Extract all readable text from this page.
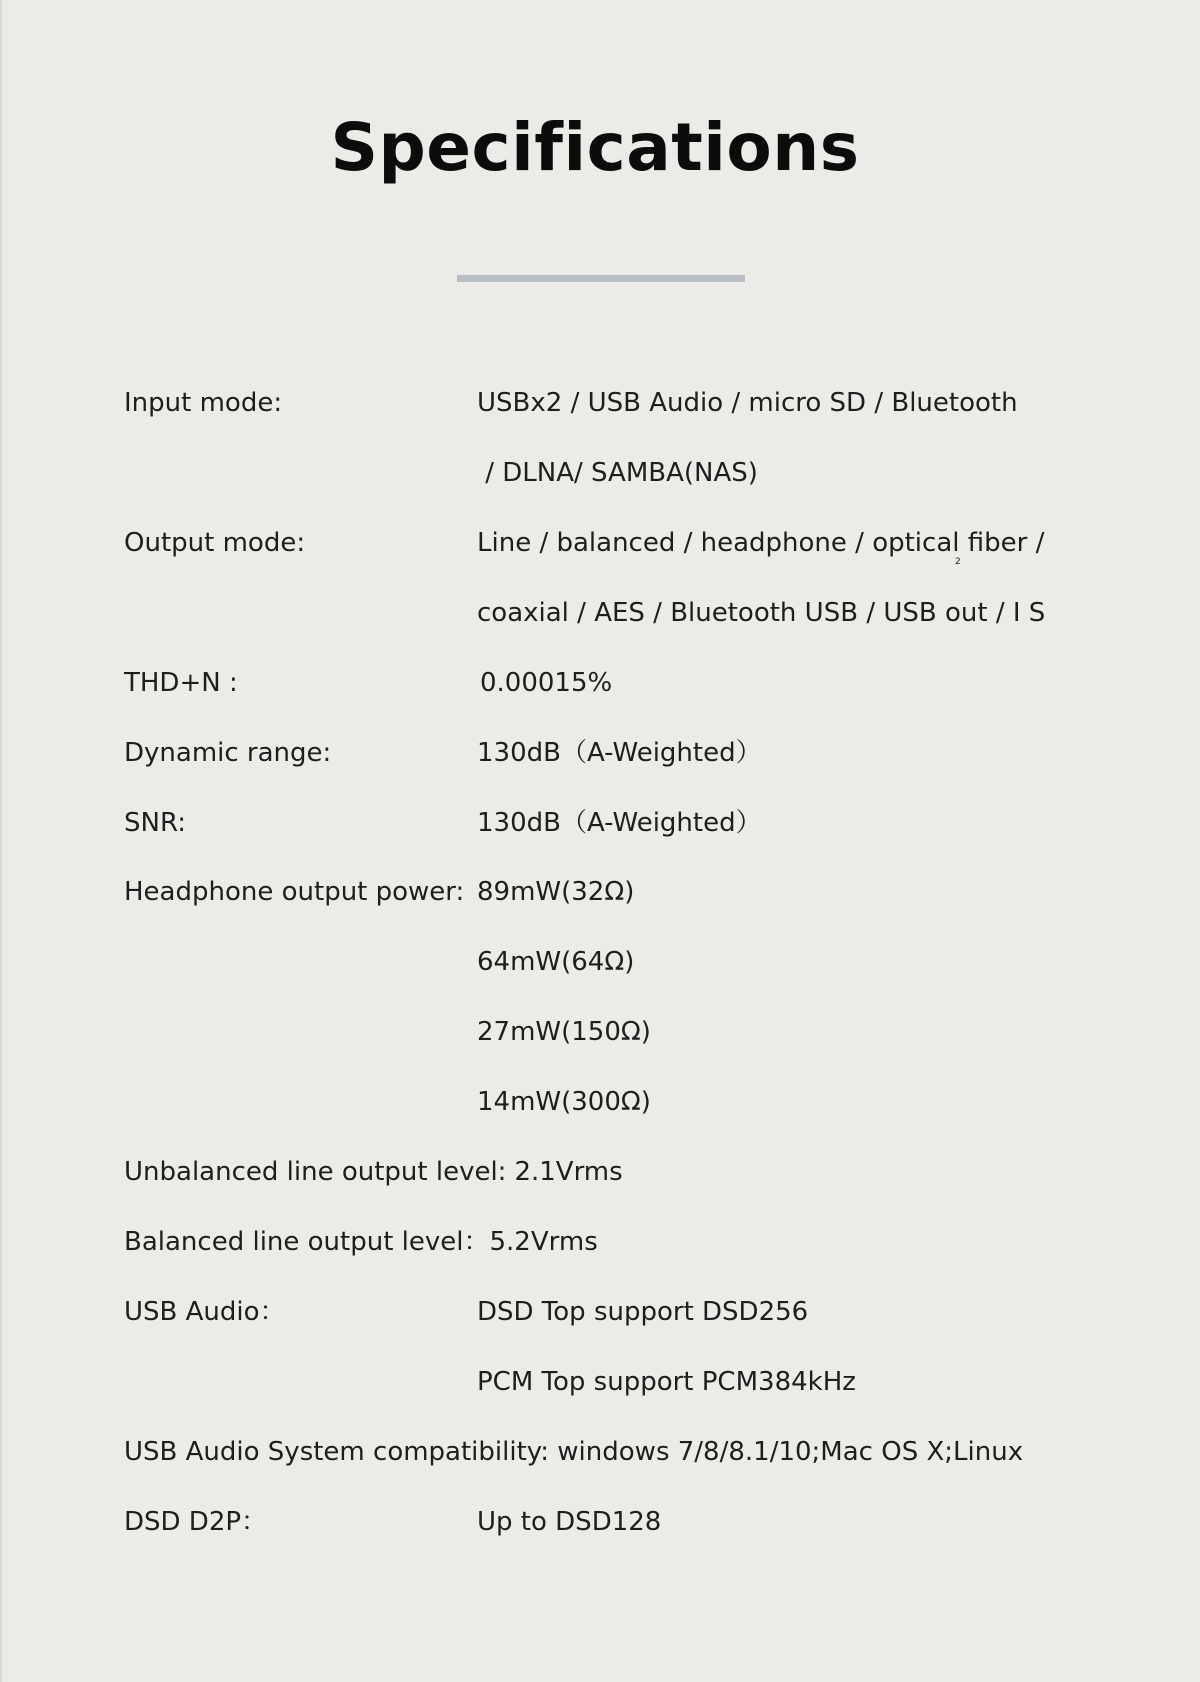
Specifications
Input mode:	USBx2 / USB Audio / micro SD / Bluetooth
/ DLNA/ SAMBA(NAS)
Output mode:	Line / balanced / headphone / optical fiber /
2
coaxial / AES / Bluetooth USB / USB out / I S
THD+N :	0.00015%
Dynamic range:	130dB（A-Weighted）
SNR:	130dB（A-Weighted）
Headphone output power: 89mW(32Ω)
64mW(64Ω)
27mW(150Ω)
14mW(300Ω)
Unbalanced line output level: 2.1Vrms
Balanced line output level：5.2Vrms
USB Audio：	DSD Top support DSD256
PCM Top support PCM384kHz
USB Audio System compatibility: windows 7/8/8.1/10;Mac OS X;Linux
DSD D2P：	Up to DSD128
